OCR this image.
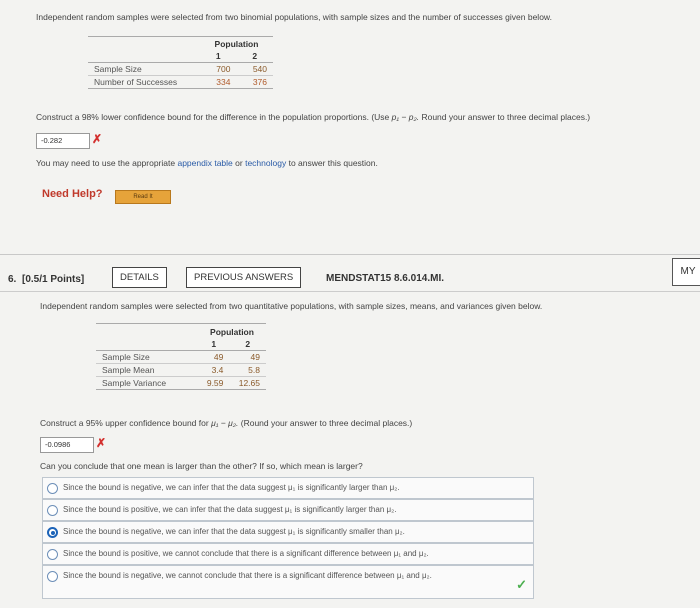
Independent random samples were selected from two binomial populations, with sample sizes and the number of successes given below.
	Population	
	1	2
Sample Size	700	540
Number of Successes	334	376
Construct a 98% lower confidence bound for the difference in the population proportions. (Use p₁ − p₂. Round your answer to three decimal places.)
-0.282	✗
You may need to use the appropriate appendix table or technology to answer this question.
Need Help?	Read It
6. [0.5/1 Points]	DETAILS	PREVIOUS ANSWERS	MENDSTAT15 8.6.014.MI.
MY
Independent random samples were selected from two quantitative populations, with sample sizes, means, and variances given below.
	Population	
	1	2
Sample Size	49	49
Sample Mean	3.4	5.8
Sample Variance	9.59	12.65
Construct a 95% upper confidence bound for μ₁ − μ₂. (Round your answer to three decimal places.)
-0.0986	✗
Can you conclude that one mean is larger than the other? If so, which mean is larger?
Since the bound is negative, we can infer that the data suggest μ₁ is significantly larger than μ₂.
Since the bound is positive, we can infer that the data suggest μ₁ is significantly larger than μ₂.
Since the bound is negative, we can infer that the data suggest μ₁ is significantly smaller than μ₂.
Since the bound is positive, we cannot conclude that there is a significant difference between μ₁ and μ₂.
Since the bound is negative, we cannot conclude that there is a significant difference between μ₁ and μ₂.
✓
